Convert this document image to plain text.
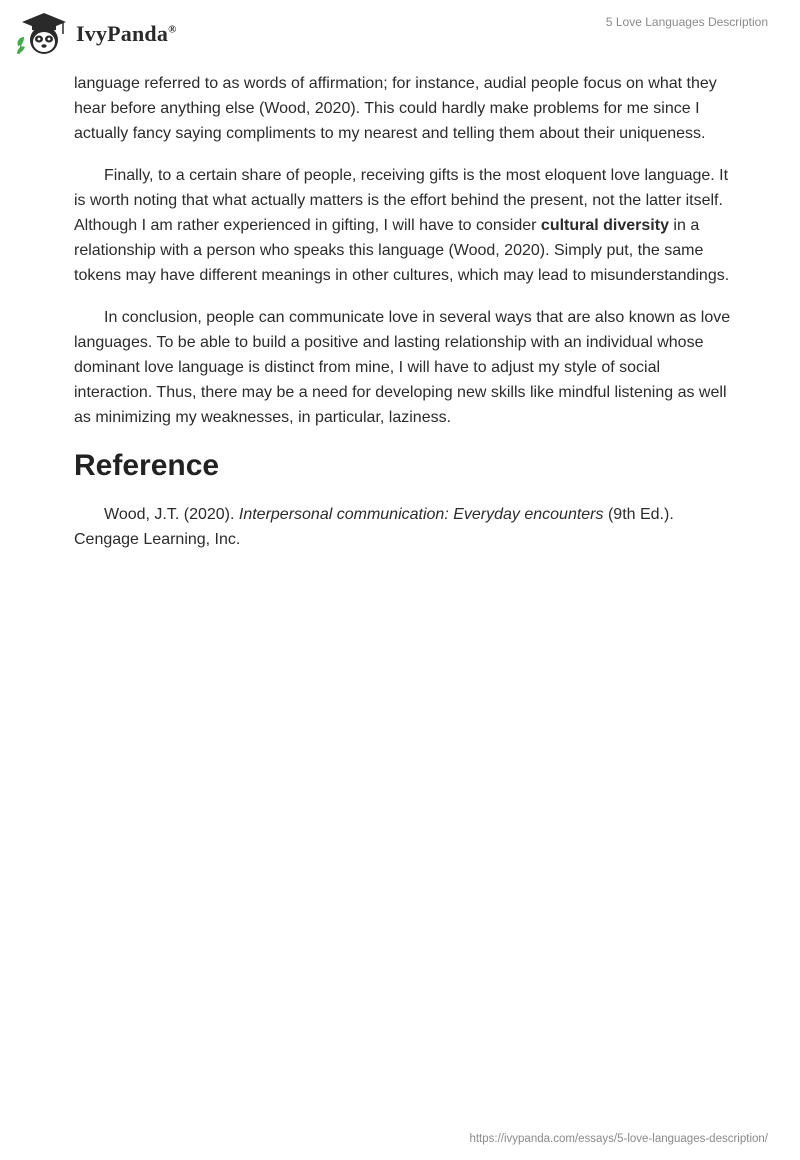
IvyPanda®
5 Love Languages Description

language referred to as words of affirmation; for instance, audial people focus on what they hear before anything else (Wood, 2020). This could hardly make problems for me since I actually fancy saying compliments to my nearest and telling them about their uniqueness.

Finally, to a certain share of people, receiving gifts is the most eloquent love language. It is worth noting that what actually matters is the effort behind the present, not the latter itself. Although I am rather experienced in gifting, I will have to consider cultural diversity in a relationship with a person who speaks this language (Wood, 2020). Simply put, the same tokens may have different meanings in other cultures, which may lead to misunderstandings.

In conclusion, people can communicate love in several ways that are also known as love languages. To be able to build a positive and lasting relationship with an individual whose dominant love language is distinct from mine, I will have to adjust my style of social interaction. Thus, there may be a need for developing new skills like mindful listening as well as minimizing my weaknesses, in particular, laziness.

Reference

Wood, J.T. (2020). Interpersonal communication: Everyday encounters (9th Ed.). Cengage Learning, Inc.

https://ivypanda.com/essays/5-love-languages-description/
